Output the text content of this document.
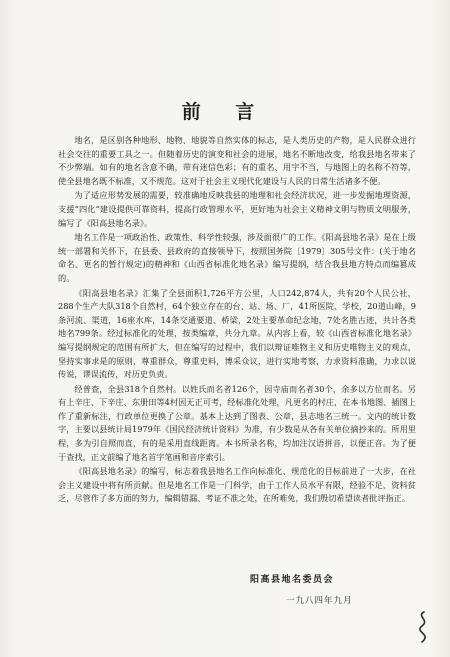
前 言

地名，是区别各种地形、地物、地貌等自然实体的标志，是人类历史的产物，是人民群众进行社会交往的重要工具之一。但随着历史的演变和社会的进展，地名不断地改变，给我县地名带来了不少弊端。如有的地名含意不确，带有迷信色彩；有的重名、用字不当，与地图上的名称不符等，使全县地名既不标准，又不规范。这对于社会主义现代化建设与人民的日常生活诸多不便。

为了适应形势发展的需要，较准确地反映我县的地理和社会经济状况，进一步发掘地理资源，支援“四化”建设提供可靠资料，提高行政管理水平，更好地为社会主义精神文明与物质文明服务，编写了《阳高县地名录》。

地名工作是一项政治性、政策性、科学性较强，涉及面很广的工作。《阳高县地名录》是在上级统一部署和关怀下，在县委、县政府的直接领导下，按照国务院〔1979〕305号文件：(关于地名命名、更名的暂行规定)的精神和《山西省标准化地名录》编写提纲，结合我县地方特点而编篡成的。

《阳高县地名录》汇集了全县面积1,726平方公里，人口242,874人，共有20个人民公社，288个生产大队318个自然村，64个独立存在的台、站、场、厂，41所医院、学校，20道山峰，9条河流、渠道，16座水库，14条交通要道、桥梁，2处主要革命纪念地，7处名胜古迹，共计各类地名799条。经过标准化的处理，按类编章，共分九章。从内容上看，较《山西省标准化地名录》编写提纲规定的范围有所扩大，但在编写的过程中，我们以辩证唯物主义和历史唯物主义的观点，坚持实事求是的原则，尊重群众，尊重史料，博采众议，进行实地考察，力求资料准确，力求以说传说，谬误流传，对历史负责。

经普查，全县318个自然村。以姓氏而名者126个，因寺庙而名者30个，余多以方位而名。另有上辛庄、下辛庄、东册田等4村因无正可考，经标准化处理，凡更名的村庄，在本书地图、插图上作了重新标注，行政单位更换了公章。基本上达到了图表、公章，县志地名三统一。文内的统计数字，主要以县统计局1979年《国民经济统计资料》为准，有少数是从各有关单位摘抄来的。所用里程，多为引自照而直，有的是采用直线距离。本书所录名称，均加注汉语拼音，以便正音。为了便于查找，正文前编了地名首字笔画和音序索引。

《阳高县地名录》的编写，标志着我县地名工作向标准化、规范化的目标前进了一大步，在社会主义建设中将有所贡献。但是地名工作是一门科学，由于工作人员水平有限，经验不足，资料贫乏，尽管作了多方面的努力，编辑错漏、考证不准之处，在所难免，我们殷切希望读者批评指正。

阳高县地名委员会
一九八四年九月
